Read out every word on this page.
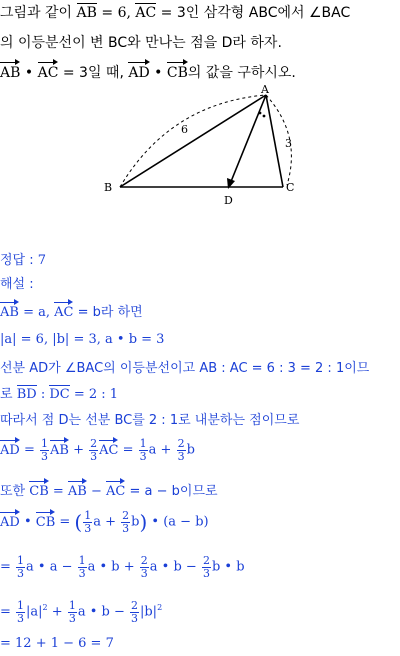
그림과 같이 AB = 6, AC = 3인 삼각형 ABC에서 ∠BAC
의 이등분선이 변 BC와 만나는 점을 D라 하자.
AB • AC = 3일 때, AD • CB의 값을 구하시오.
A
B	C
D
6
3
정답 : 7
해설 :
AB = a, AC = b라 하면
|a| = 6, |b| = 3, a • b = 3
선분 AD가 ∠BAC의 이등분선이고 AB : AC = 6 : 3 = 2 : 1이므
로 BD : DC = 2 : 1
따라서 점 D는 선분 BC를 2 : 1로 내분하는 점이므로
AD = $\frac{1}{3}$ AB + $\frac{2}{3}$ AC = $\frac{1}{3}$ $a + \frac{2}{3}$ b
또한 CB = AB − AC = a − b이므로
AD • CB = ( $\frac{1}{3}$ $a + \frac{2}{3} b$) • (a − b)
= $\frac{1}{3}$ a • $a - \frac{1}{3}$ a • $b + \frac{2}{3}$ a • $b - \frac{2}{3}$ b • b
= $\frac{1}{3} |a|^2 + \frac{1}{3}$ a • $b - \frac{2}{3} |b|^2$
= 12 + 1 − 6 = 7
